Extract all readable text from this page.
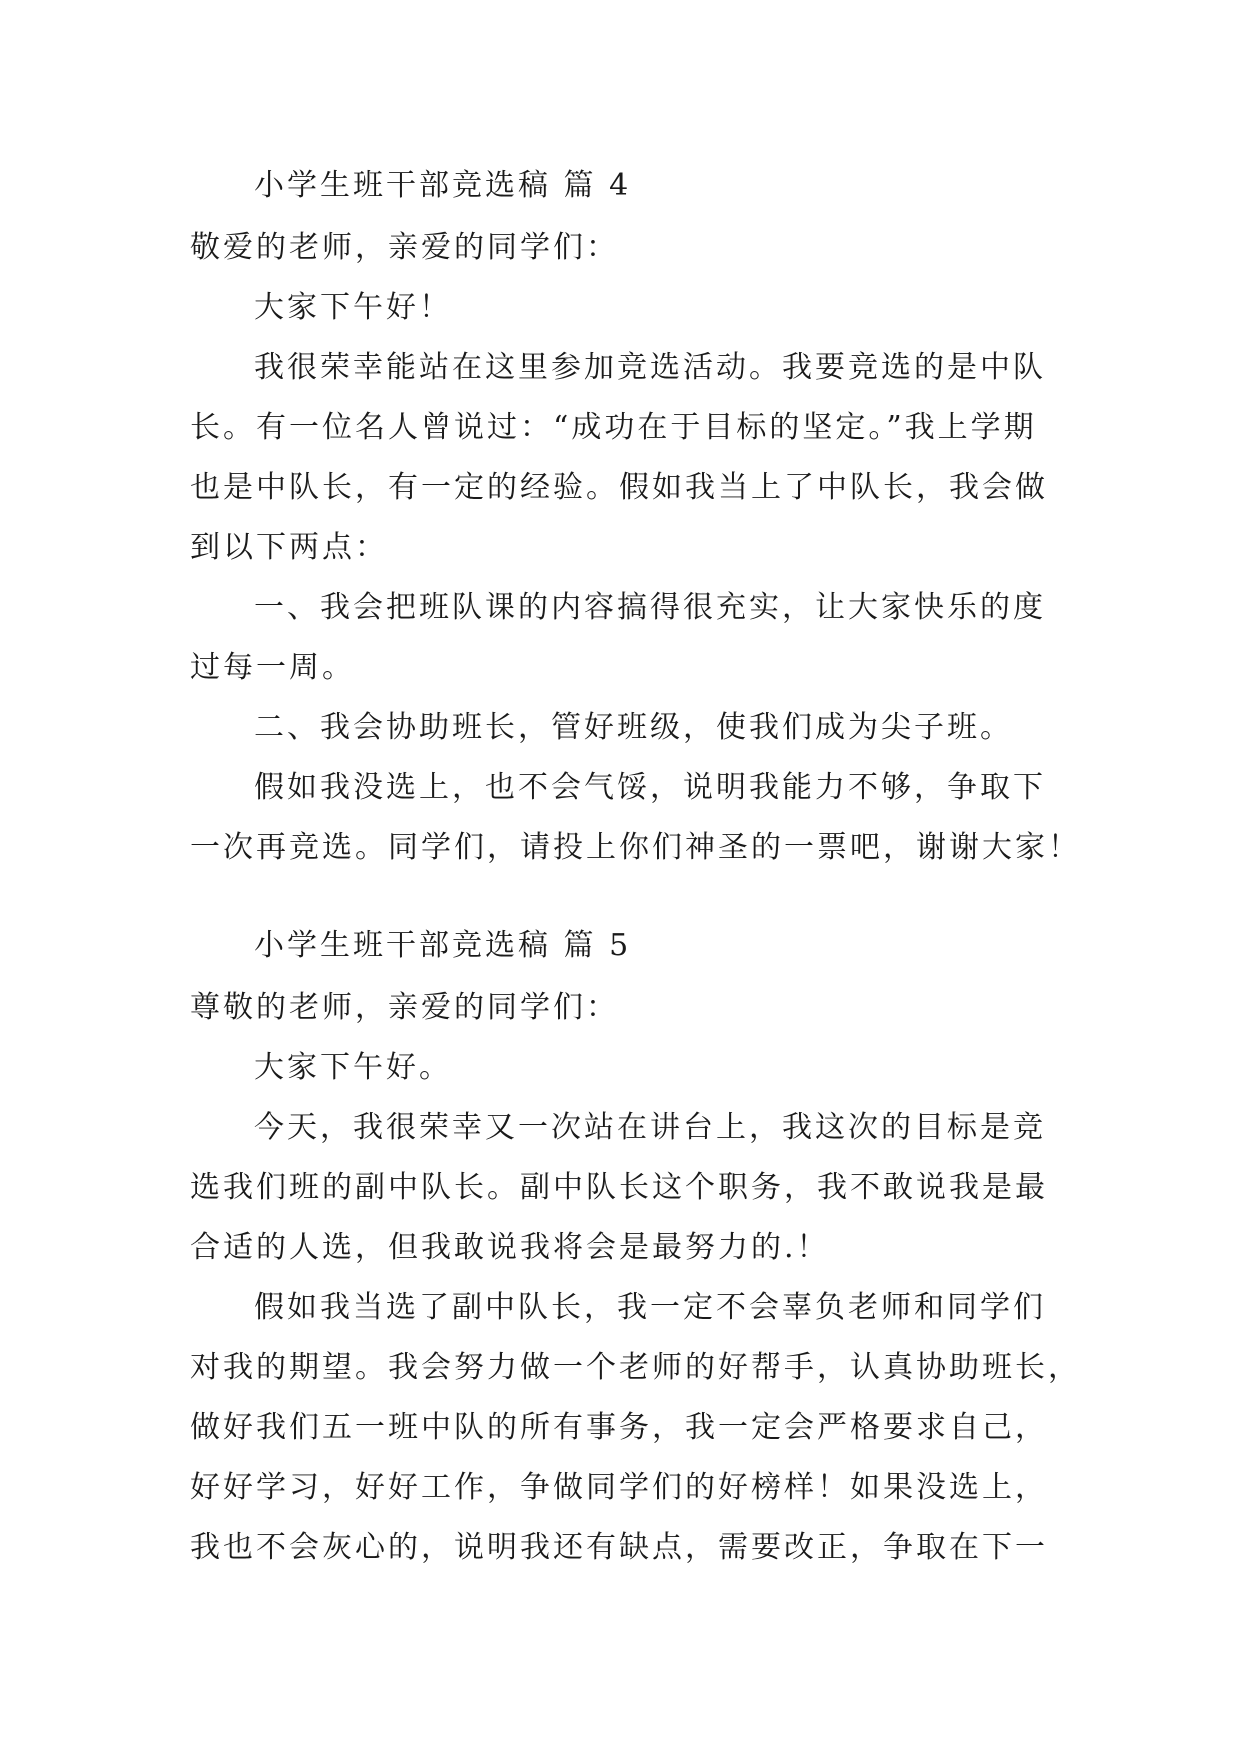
小学生班干部竞选稿 篇 4
敬爱的老师，亲爱的同学们：
大家下午好！
我很荣幸能站在这里参加竞选活动。我要竞选的是中队
长。有一位名人曾说过：“成功在于目标的坚定。”我上学期
也是中队长，有一定的经验。假如我当上了中队长，我会做
到以下两点：
一、我会把班队课的内容搞得很充实，让大家快乐的度
过每一周。
二、我会协助班长，管好班级，使我们成为尖子班。
假如我没选上，也不会气馁，说明我能力不够，争取下
一次再竞选。同学们，请投上你们神圣的一票吧，谢谢大家！
小学生班干部竞选稿 篇 5
尊敬的老师，亲爱的同学们：
大家下午好。
今天，我很荣幸又一次站在讲台上，我这次的目标是竞
选我们班的副中队长。副中队长这个职务，我不敢说我是最
合适的人选，但我敢说我将会是最努力的.！
假如我当选了副中队长，我一定不会辜负老师和同学们
对我的期望。我会努力做一个老师的好帮手，认真协助班长，
做好我们五一班中队的所有事务，我一定会严格要求自己，
好好学习，好好工作，争做同学们的好榜样！如果没选上，
我也不会灰心的，说明我还有缺点，需要改正，争取在下一
